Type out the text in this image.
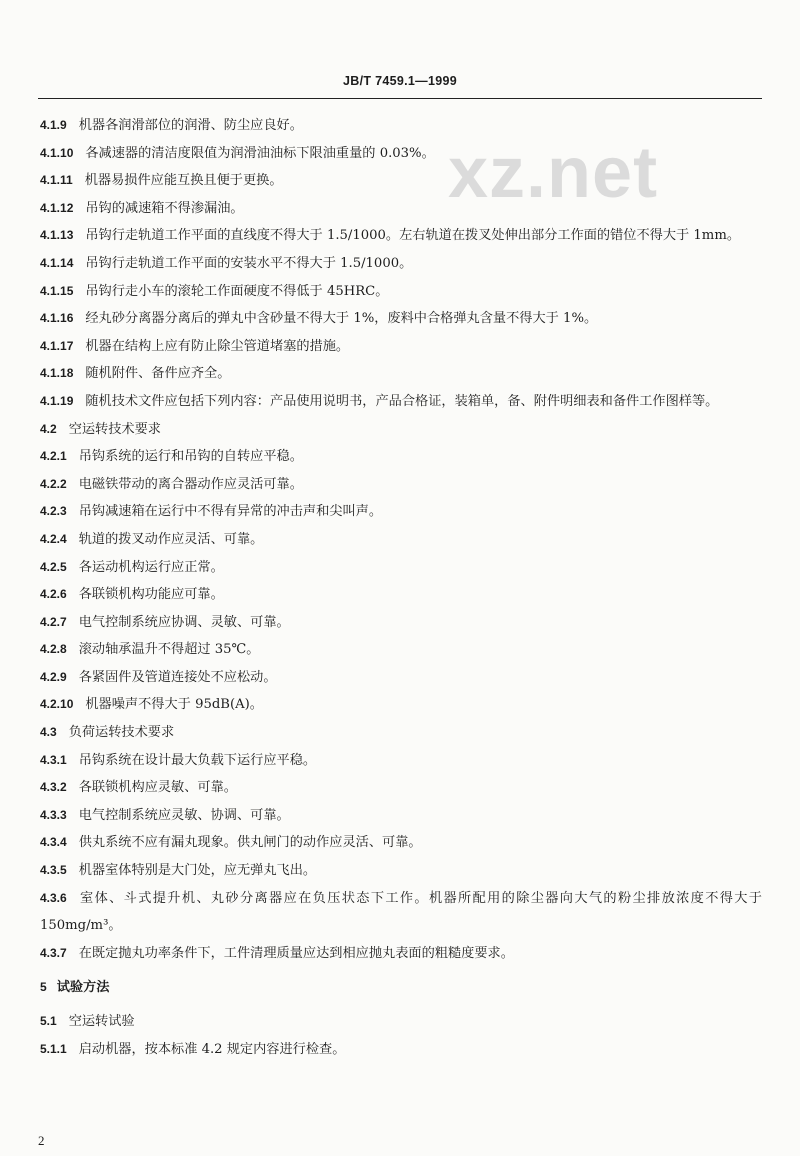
JB/T 7459.1—1999
xz.net
4.1.9 机器各润滑部位的润滑、防尘应良好。
4.1.10 各减速器的清洁度限值为润滑油油标下限油重量的 0.03%。
4.1.11 机器易损件应能互换且便于更换。
4.1.12 吊钩的减速箱不得渗漏油。
4.1.13 吊钩行走轨道工作平面的直线度不得大于 1.5/1000。左右轨道在拨叉处伸出部分工作面的错位不得大于 1mm。
4.1.14 吊钩行走轨道工作平面的安装水平不得大于 1.5/1000。
4.1.15 吊钩行走小车的滚轮工作面硬度不得低于 45HRC。
4.1.16 经丸砂分离器分离后的弹丸中含砂量不得大于 1%，废料中合格弹丸含量不得大于 1%。
4.1.17 机器在结构上应有防止除尘管道堵塞的措施。
4.1.18 随机附件、备件应齐全。
4.1.19 随机技术文件应包括下列内容：产品使用说明书，产品合格证，装箱单，备、附件明细表和备件工作图样等。
4.2 空运转技术要求
4.2.1 吊钩系统的运行和吊钩的自转应平稳。
4.2.2 电磁铁带动的离合器动作应灵活可靠。
4.2.3 吊钩减速箱在运行中不得有异常的冲击声和尖叫声。
4.2.4 轨道的拨叉动作应灵活、可靠。
4.2.5 各运动机构运行应正常。
4.2.6 各联锁机构功能应可靠。
4.2.7 电气控制系统应协调、灵敏、可靠。
4.2.8 滚动轴承温升不得超过 35℃。
4.2.9 各紧固件及管道连接处不应松动。
4.2.10 机器噪声不得大于 95dB(A)。
4.3 负荷运转技术要求
4.3.1 吊钩系统在设计最大负载下运行应平稳。
4.3.2 各联锁机构应灵敏、可靠。
4.3.3 电气控制系统应灵敏、协调、可靠。
4.3.4 供丸系统不应有漏丸现象。供丸闸门的动作应灵活、可靠。
4.3.5 机器室体特别是大门处，应无弹丸飞出。
4.3.6 室体、斗式提升机、丸砂分离器应在负压状态下工作。机器所配用的除尘器向大气的粉尘排放浓度不得大于 150mg/m³。
4.3.7 在既定抛丸功率条件下，工件清理质量应达到相应抛丸表面的粗糙度要求。
5 试验方法
5.1 空运转试验
5.1.1 启动机器，按本标准 4.2 规定内容进行检查。
2
